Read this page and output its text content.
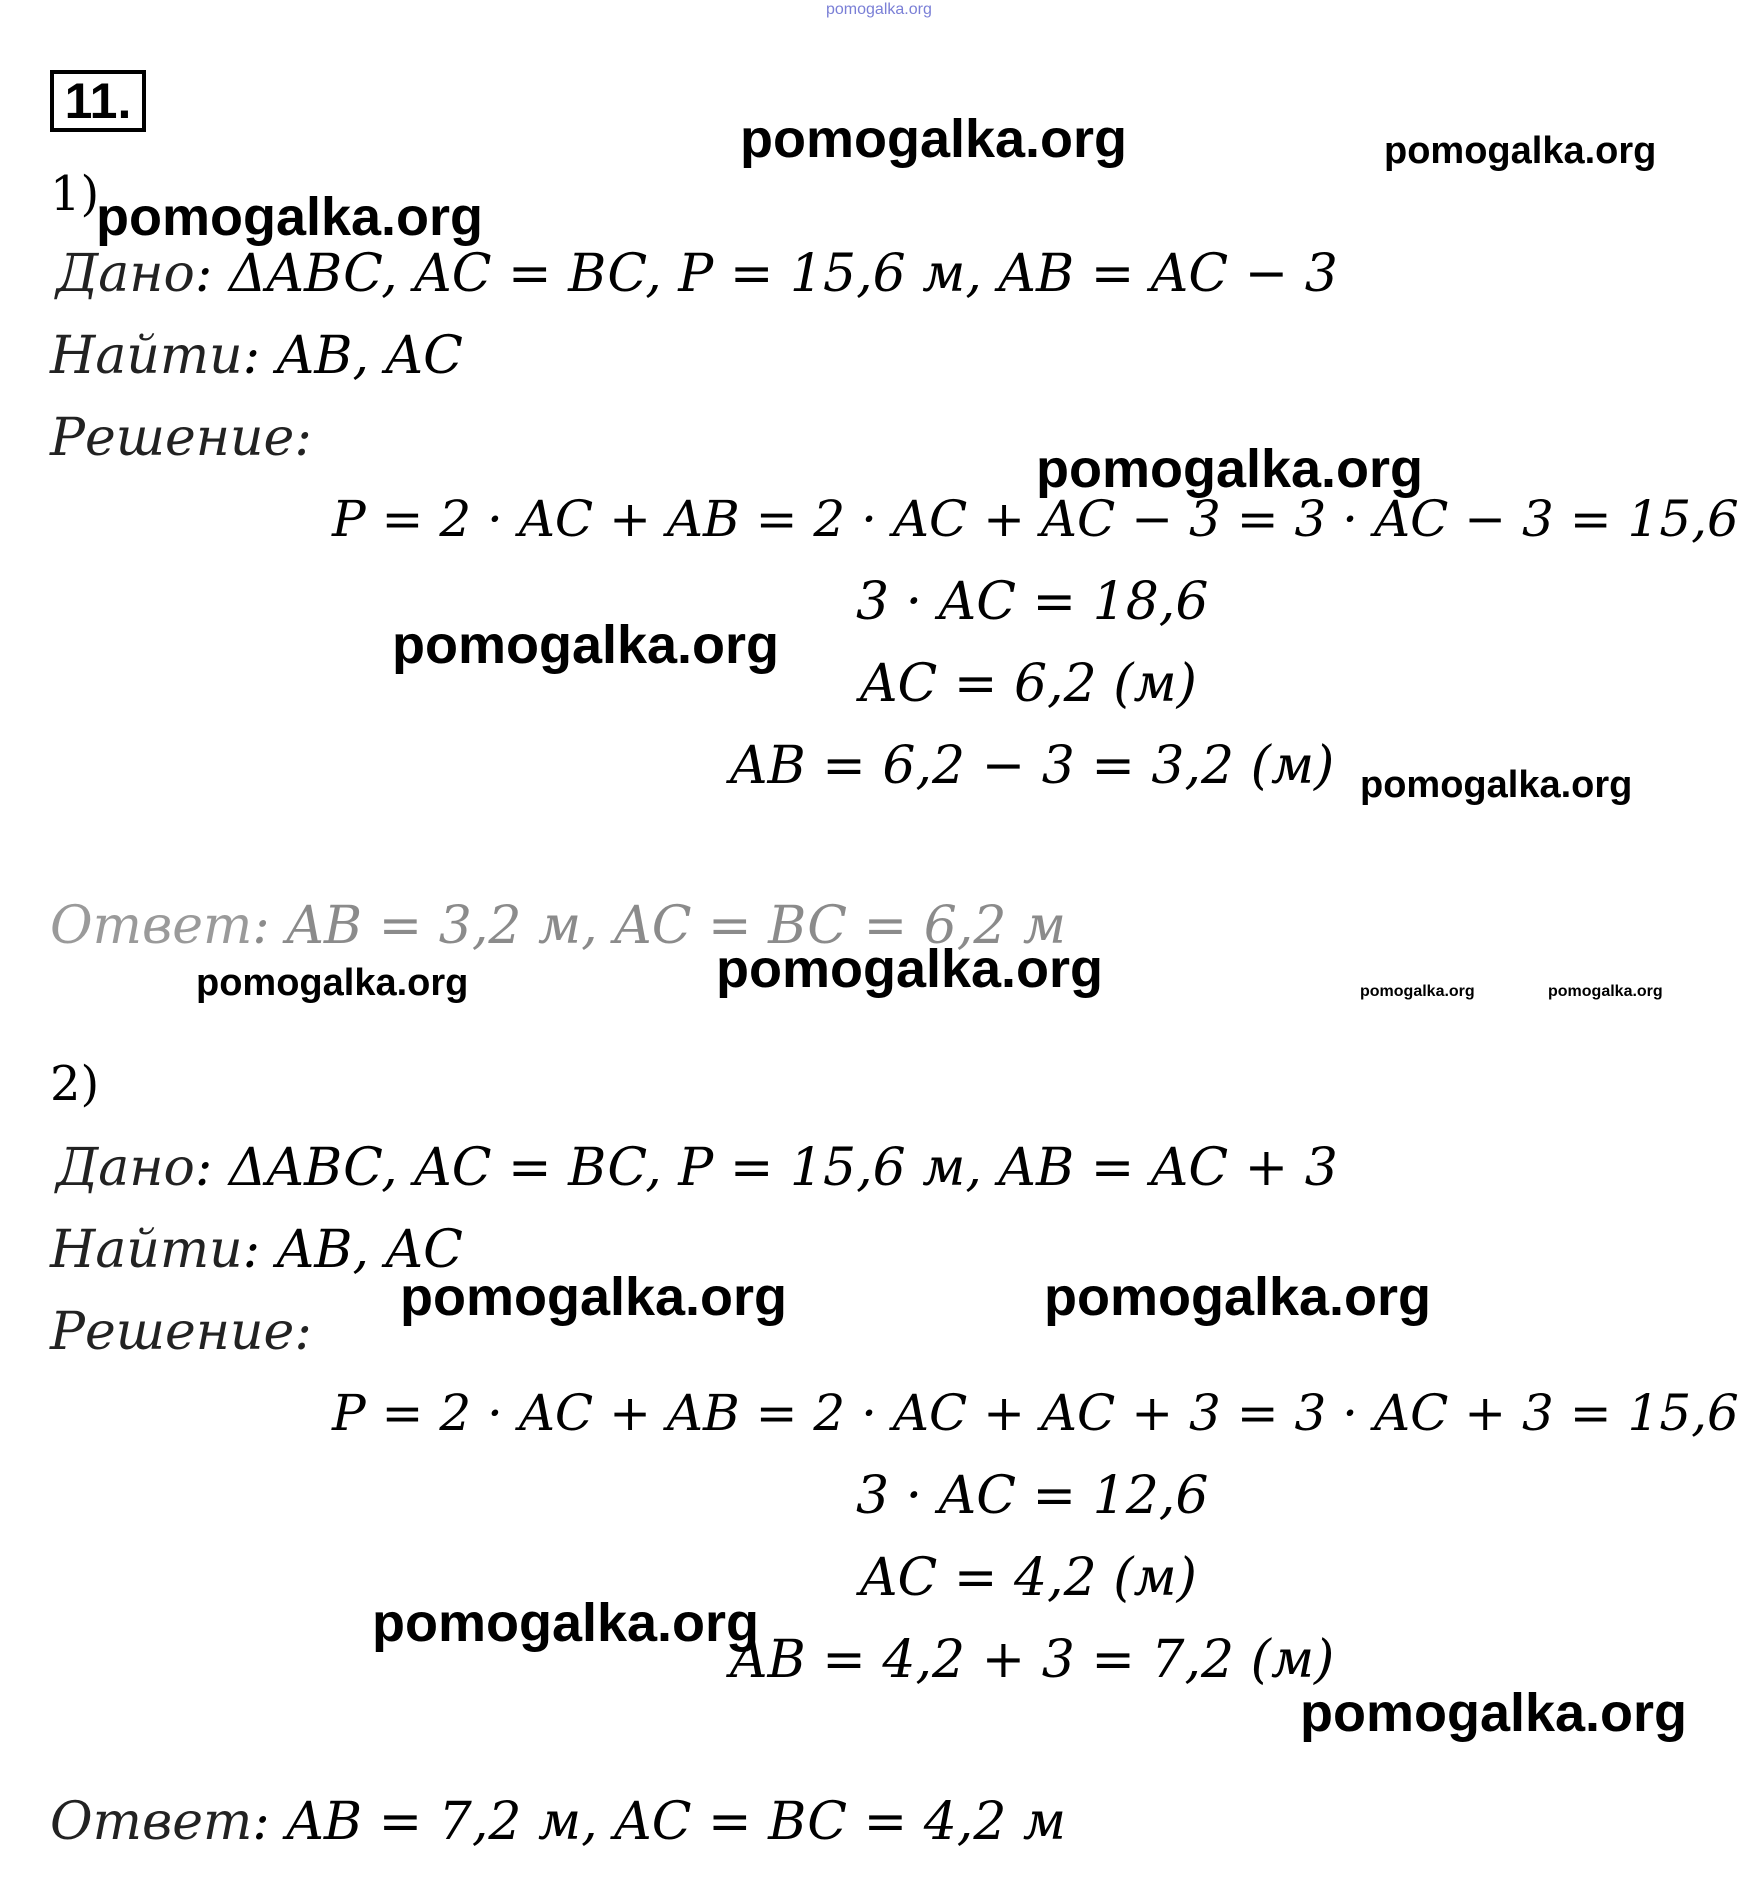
pomogalka.org
11.
1)
Дано: ΔABC, AC = BC, P = 15,6 м, AB = AC − 3
Найти: AB, AC
Решение:
P = 2 · AC + AB = 2 · AC + AC − 3 = 3 · AC − 3 = 15,6
3 · AC = 18,6
AC = 6,2 (м)
AB = 6,2 − 3 = 3,2 (м)
Ответ: AB = 3,2 м, AC = BC = 6,2 м
2)
Дано: ΔABC, AC = BC, P = 15,6 м, AB = AC + 3
Найти: AB, AC
Решение:
P = 2 · AC + AB = 2 · AC + AC + 3 = 3 · AC + 3 = 15,6
3 · AC = 12,6
AC = 4,2 (м)
AB = 4,2 + 3 = 7,2 (м)
Ответ: AB = 7,2 м, AC = BC = 4,2 м
pomogalka.org	pomogalka.org
pomogalka.org
pomogalka.org
pomogalka.org
pomogalka.org
pomogalka.org
pomogalka.org	pomogalka.org	pomogalka.org
pomogalka.org	pomogalka.org
pomogalka.org
pomogalka.org
